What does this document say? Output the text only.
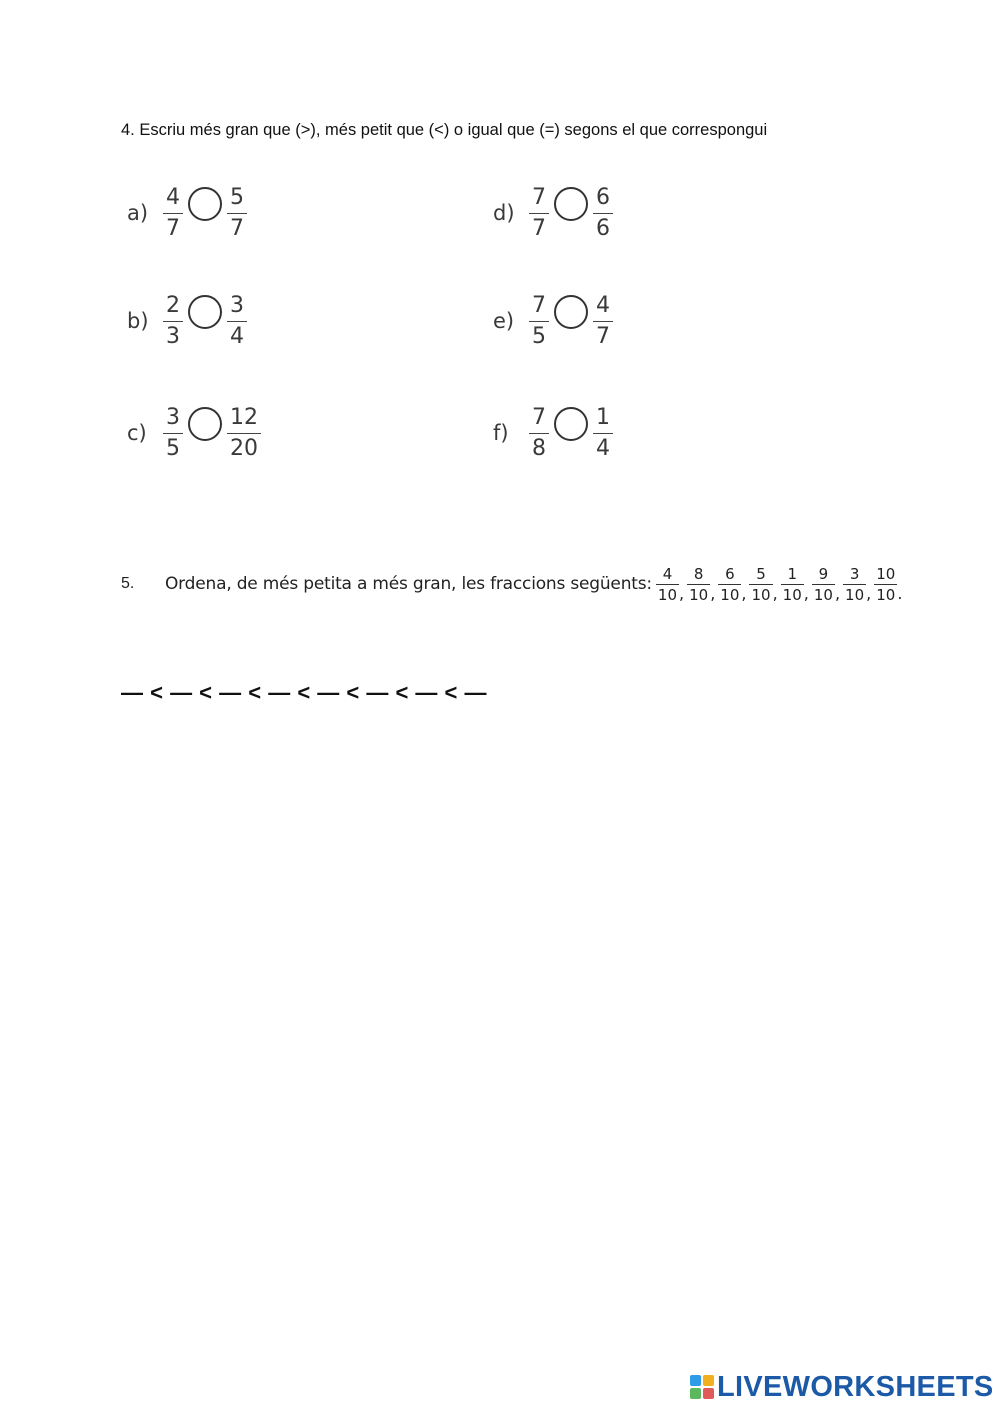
4. Escriu més gran que (>), més petit que (<) o igual que (=) segons el que correspongui
$a) \frac{4}{7} \frac{5}{7}$
$b) \frac{2}{3} \frac{3}{4}$
$c) \frac{3}{5} \frac{12}{20}$
$d) \frac{7}{7} \frac{6}{6}$
$e) \frac{7}{5} \frac{4}{7}$
$f) \frac{7}{8} \frac{1}{4}$
5.	Ordena, de més petita a més gran, les fraccions següents: $\frac{4}{10}$ , $\frac{8}{10}$ , $\frac{6}{10}$ , $\frac{5}{10}$ , $\frac{1}{10}$ , $\frac{9}{10}$ , $\frac{3}{10}$ , $\frac{10}{10}$ .
— < — < — < — < — < — < — < —
LIVEWORKSHEETS
